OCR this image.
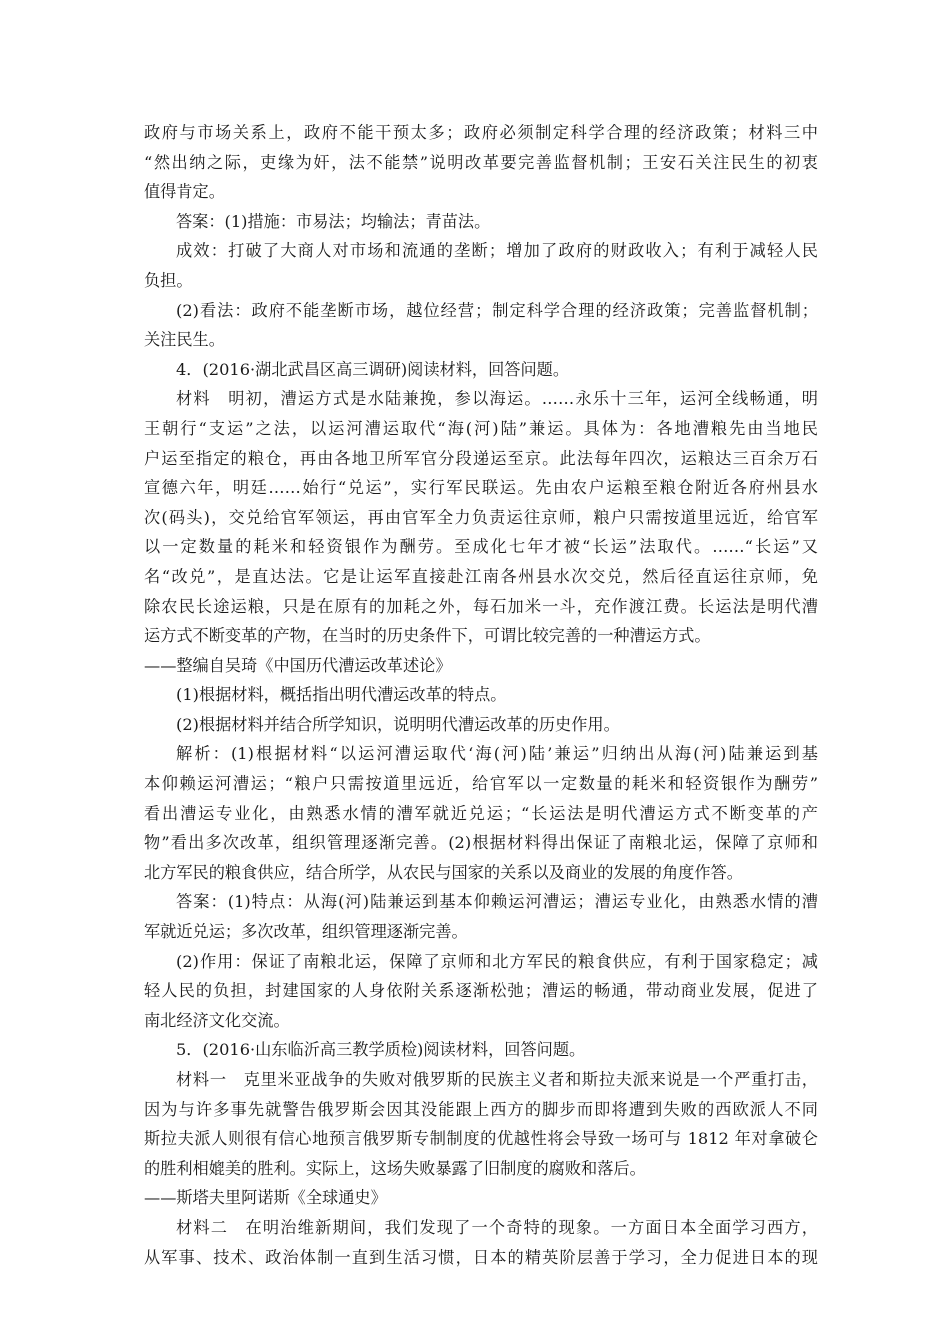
政府与市场关系上，政府不能干预太多；政府必须制定科学合理的经济政策；材料三中
“然出纳之际，吏缘为奸，法不能禁”说明改革要完善监督机制；王安石关注民生的初衷
值得肯定。
答案：(1)措施：市易法；均输法；青苗法。
成效：打破了大商人对市场和流通的垄断；增加了政府的财政收入；有利于减轻人民
负担。
(2)看法：政府不能垄断市场，越位经营；制定科学合理的经济政策；完善监督机制；
关注民生。
4．(2016·湖北武昌区高三调研)阅读材料，回答问题。
材料　明初，漕运方式是水陆兼挽，参以海运。……永乐十三年，运河全线畅通，明
王朝行“支运”之法，以运河漕运取代“海(河)陆”兼运。具体为：各地漕粮先由当地民
户运至指定的粮仓，再由各地卫所军官分段递运至京。此法每年四次，运粮达三百余万石
宣德六年，明廷……始行“兑运”，实行军民联运。先由农户运粮至粮仓附近各府州县水
次(码头)，交兑给官军领运，再由官军全力负责运往京师，粮户只需按道里远近，给官军
以一定数量的耗米和轻资银作为酬劳。至成化七年才被“长运”法取代。……“长运”又
名“改兑”，是直达法。它是让运军直接赴江南各州县水次交兑，然后径直运往京师，免
除农民长途运粮，只是在原有的加耗之外，每石加米一斗，充作渡江费。长运法是明代漕
运方式不断变革的产物，在当时的历史条件下，可谓比较完善的一种漕运方式。
——整编自吴琦《中国历代漕运改革述论》
(1)根据材料，概括指出明代漕运改革的特点。
(2)根据材料并结合所学知识，说明明代漕运改革的历史作用。
解析：(1)根据材料“以运河漕运取代‘海(河)陆’兼运”归纳出从海(河)陆兼运到基
本仰赖运河漕运；“粮户只需按道里远近，给官军以一定数量的耗米和轻资银作为酬劳”
看出漕运专业化，由熟悉水情的漕军就近兑运；“长运法是明代漕运方式不断变革的产
物”看出多次改革，组织管理逐渐完善。(2)根据材料得出保证了南粮北运，保障了京师和
北方军民的粮食供应，结合所学，从农民与国家的关系以及商业的发展的角度作答。
答案：(1)特点：从海(河)陆兼运到基本仰赖运河漕运；漕运专业化，由熟悉水情的漕
军就近兑运；多次改革，组织管理逐渐完善。
(2)作用：保证了南粮北运，保障了京师和北方军民的粮食供应，有利于国家稳定；减
轻人民的负担，封建国家的人身依附关系逐渐松弛；漕运的畅通，带动商业发展，促进了
南北经济文化交流。
5．(2016·山东临沂高三教学质检)阅读材料，回答问题。
材料一　克里米亚战争的失败对俄罗斯的民族主义者和斯拉夫派来说是一个严重打击，
因为与许多事先就警告俄罗斯会因其没能跟上西方的脚步而即将遭到失败的西欧派人不同
斯拉夫派人则很有信心地预言俄罗斯专制制度的优越性将会导致一场可与 1812 年对拿破仑
的胜利相媲美的胜利。实际上，这场失败暴露了旧制度的腐败和落后。
——斯塔夫里阿诺斯《全球通史》
材料二　在明治维新期间，我们发现了一个奇特的现象。一方面日本全面学习西方，
从军事、技术、政治体制一直到生活习惯，日本的精英阶层善于学习，全力促进日本的现
